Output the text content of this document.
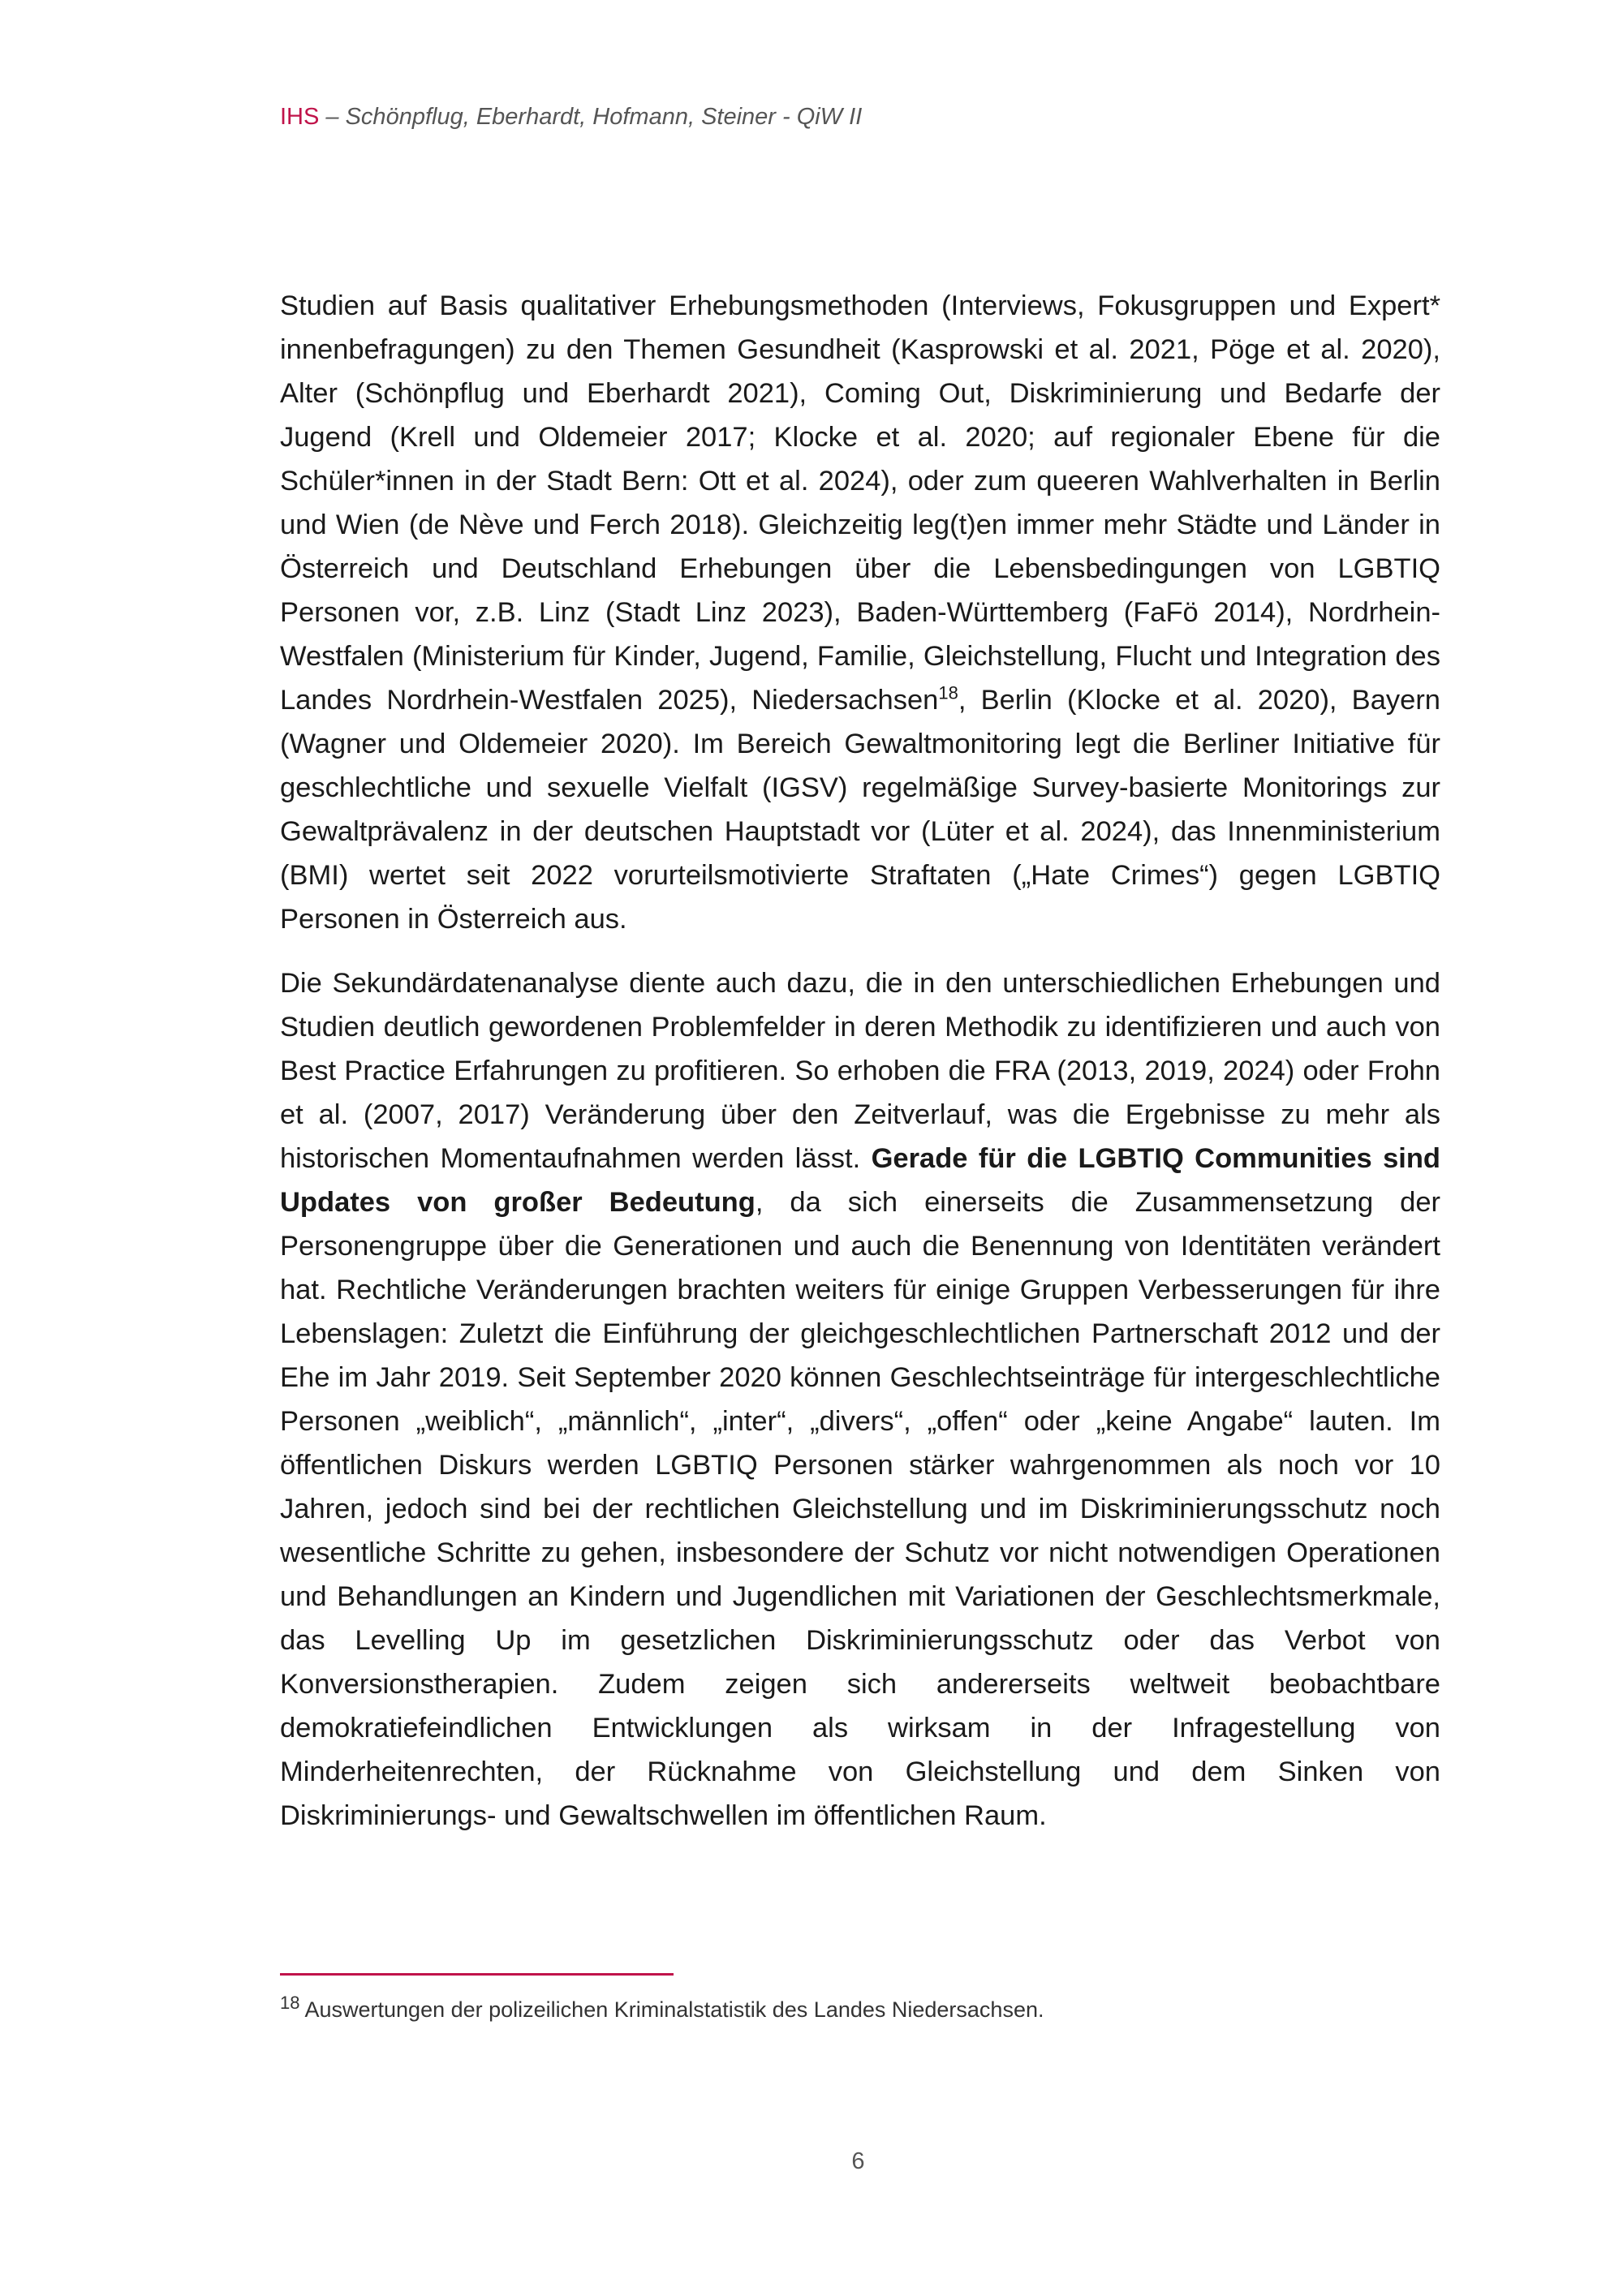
IHS – Schönpflug, Eberhardt, Hofmann, Steiner - QiW II

Studien auf Basis qualitativer Erhebungsmethoden (Interviews, Fokusgruppen und Expert* innenbefragungen) zu den Themen Gesundheit (Kasprowski et al. 2021, Pöge et al. 2020), Alter (Schönpflug und Eberhardt 2021), Coming Out, Diskriminierung und Bedarfe der Jugend (Krell und Oldemeier 2017; Klocke et al. 2020; auf regionaler Ebene für die Schüler*innen in der Stadt Bern: Ott et al. 2024), oder zum queeren Wahlverhalten in Berlin und Wien (de Nève und Ferch 2018). Gleichzeitig leg(t)en immer mehr Städte und Länder in Österreich und Deutschland Erhebungen über die Lebensbedingungen von LGBTIQ Personen vor, z.B. Linz (Stadt Linz 2023), Baden-Württemberg (FaFö 2014), Nordrhein-Westfalen (Ministerium für Kinder, Jugend, Familie, Gleichstellung, Flucht und Integration des Landes Nordrhein-Westfalen 2025), Niedersachsen$^{18}$, Berlin (Klocke et al. 2020), Bayern (Wagner und Oldemeier 2020). Im Bereich Gewaltmonitoring legt die Berliner Initiative für geschlechtliche und sexuelle Vielfalt (IGSV) regelmäßige Survey-basierte Monitorings zur Gewaltprävalenz in der deutschen Hauptstadt vor (Lüter et al. 2024), das Innenministerium (BMI) wertet seit 2022 vorurteilsmotivierte Straftaten („Hate Crimes“) gegen LGBTIQ Personen in Österreich aus.

Die Sekundärdatenanalyse diente auch dazu, die in den unterschiedlichen Erhebungen und Studien deutlich gewordenen Problemfelder in deren Methodik zu identifizieren und auch von Best Practice Erfahrungen zu profitieren. So erhoben die FRA (2013, 2019, 2024) oder Frohn et al. (2007, 2017) Veränderung über den Zeitverlauf, was die Ergebnisse zu mehr als historischen Momentaufnahmen werden lässt. Gerade für die LGBTIQ Communities sind Updates von großer Bedeutung, da sich einerseits die Zusammensetzung der Personengruppe über die Generationen und auch die Benennung von Identitäten verändert hat. Rechtliche Veränderungen brachten weiters für einige Gruppen Verbesserungen für ihre Lebenslagen: Zuletzt die Einführung der gleichgeschlechtlichen Partnerschaft 2012 und der Ehe im Jahr 2019. Seit September 2020 können Geschlechtseinträge für intergeschlechtliche Personen „weiblich“, „männlich“, „inter“, „divers“, „offen“ oder „keine Angabe“ lauten. Im öffentlichen Diskurs werden LGBTIQ Personen stärker wahrgenommen als noch vor 10 Jahren, jedoch sind bei der rechtlichen Gleichstellung und im Diskriminierungsschutz noch wesentliche Schritte zu gehen, insbesondere der Schutz vor nicht notwendigen Operationen und Behandlungen an Kindern und Jugendlichen mit Variationen der Geschlechtsmerkmale, das Levelling Up im gesetzlichen Diskriminierungsschutz oder das Verbot von Konversionstherapien. Zudem zeigen sich andererseits weltweit beobachtbare demokratiefeindlichen Entwicklungen als wirksam in der Infragestellung von Minderheitenrechten, der Rücknahme von Gleichstellung und dem Sinken von Diskriminierungs- und Gewaltschwellen im öffentlichen Raum.

$^{18}$ Auswertungen der polizeilichen Kriminalstatistik des Landes Niedersachsen.
6
